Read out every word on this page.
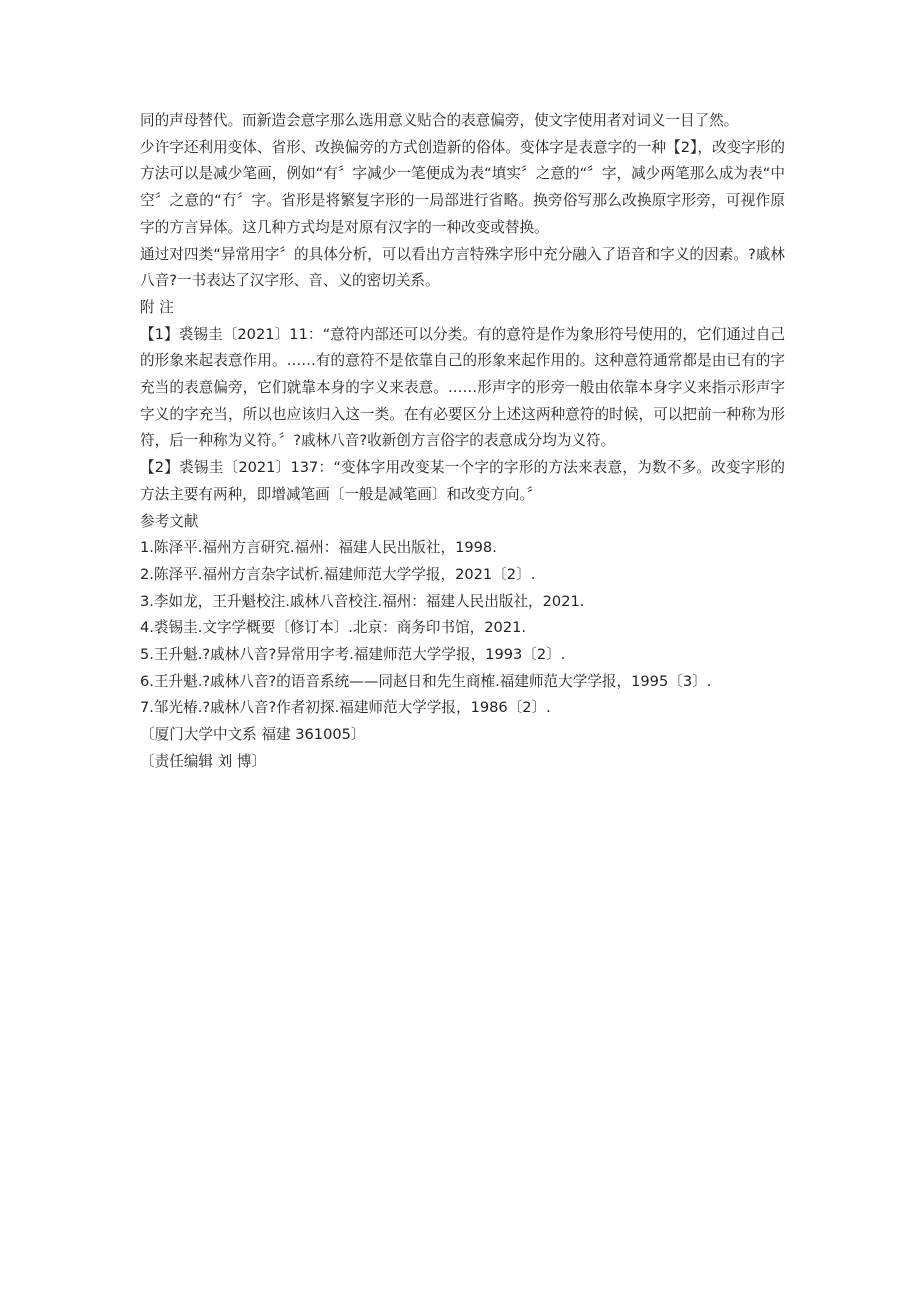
同的声母替代。而新造会意字那么选用意义贴合的表意偏旁，使文字使用者对词义一目了然。

少许字还利用变体、省形、改换偏旁的方式创造新的俗体。变体字是表意字的一种【2】，改变字形的方法可以是减少笔画，例如“有〞字减少一笔便成为表“填实〞之意的“〞字，减少两笔那么成为表“中空〞之意的“冇〞字。省形是将繁复字形的一局部进行省略。换旁俗写那么改换原字形旁，可视作原字的方言异体。这几种方式均是对原有汉字的一种改变或替换。

通过对四类“异常用字〞的具体分析，可以看出方言特殊字形中充分融入了语音和字义的因素。?戚林八音?一书表达了汉字形、音、义的密切关系。

附 注

【1】裘锡圭〔2021〕11：“意符内部还可以分类。有的意符是作为象形符号使用的，它们通过自己的形象来起表意作用。……有的意符不是依靠自己的形象来起作用的。这种意符通常都是由已有的字充当的表意偏旁，它们就靠本身的字义来表意。……形声字的形旁一般由依靠本身字义来指示形声字字义的字充当，所以也应该归入这一类。在有必要区分上述这两种意符的时候，可以把前一种称为形符，后一种称为义符。〞?戚林八音?收新创方言俗字的表意成分均为义符。

【2】裘锡圭〔2021〕137：“变体字用改变某一个字的字形的方法来表意，为数不多。改变字形的方法主要有两种，即增减笔画〔一般是减笔画〕和改变方向。〞

参考文献

1.陈泽平.福州方言研究.福州：福建人民出版社，1998.
2.陈泽平.福州方言杂字试析.福建师范大学学报，2021〔2〕.
3.李如龙，王升魁校注.戚林八音校注.福州：福建人民出版社，2021.
4.裘锡圭.文字学概要〔修订本〕.北京：商务印书馆，2021.
5.王升魁.?戚林八音?异常用字考.福建师范大学学报，1993〔2〕.
6.王升魁.?戚林八音?的语音系统——同赵日和先生商榷.福建师范大学学报，1995〔3〕.
7.邹光椿.?戚林八音?作者初探.福建师范大学学报，1986〔2〕.

〔厦门大学中文系 福建 361005〕

〔责任编辑 刘 博〕
